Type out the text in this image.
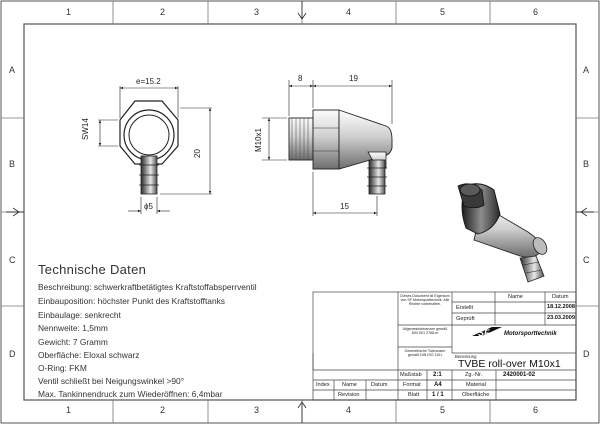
1	2	3	4	5	6
1	2	3	4	5	6
A
B
C
D
A
B
C
D
e=15.2
SW14
20
ϕ5
8	19
M10x1
15
Technische Daten
Beschreibung: schwerkraftbetätigtes Kraftstoffabsperrventil
Einbauposition: höchster Punkt des Kraftstofftanks
Einbaulage: senkrecht
Nennweite: 1,5mm
Gewicht: 7 Gramm
Oberfläche: Eloxal schwarz
O-Ring: FKM
Ventil schließt bei Neigungswinkel >90°
Max. Tankinnendruck zum Wiederöffnen: 6,4mbar
Dieses Dokument ist Eigentum von SF Motorsporttechnik. Alle Rechte vorbehalten.
Allgemeintoleranzen gemäß DIN ISO 2768-m
Geometrische Toleranzen gemäß DIN ISO 1101
Name	Datum
Erstellt	18.12.2008
Geprüft	23.03.2009
SF Motorsporttechnik
Benennung
TVBE roll-over M10x1
Zg.-Nr.	2420001-02
Maßstab 2:1
Format A4	Material
Blatt 1 / 1	Oberfläche
Index Name	Datum
Revision
